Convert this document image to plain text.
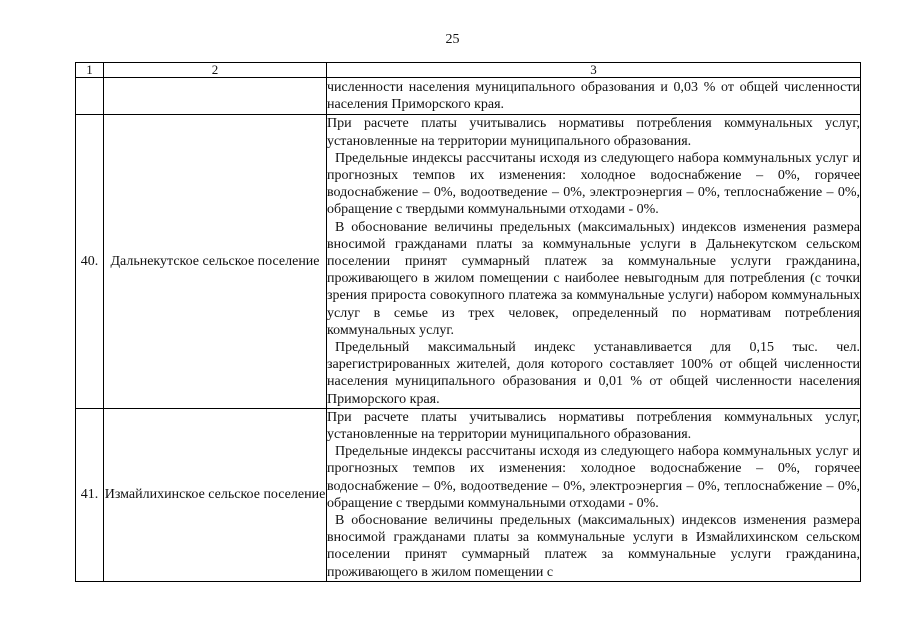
25
1	2	3

		численности населения муниципального образования и 0,03 % от общей численности населения Приморского края.

40.	Дальнекутское сельское поселение	При расчете платы учитывались нормативы потребления коммунальных услуг, установленные на территории муниципального образования.

Предельные индексы рассчитаны исходя из следующего набора коммунальных услуг и прогнозных темпов их изменения: холодное водоснабжение – 0%, горячее водоснабжение – 0%, водоотведение – 0%, электроэнергия – 0%, теплоснабжение – 0%, обращение с твердыми коммунальными отходами - 0%.

В обоснование величины предельных (максимальных) индексов изменения размера вносимой гражданами платы за коммунальные услуги в Дальнекутском сельском поселении принят суммарный платеж за коммунальные услуги гражданина, проживающего в жилом помещении с наиболее невыгодным для потребления (с точки зрения прироста совокупного платежа за коммунальные услуги) набором коммунальных услуг в семье из трех человек, определенный по нормативам потребления коммунальных услуг.

Предельный максимальный индекс устанавливается для 0,15 тыс. чел. зарегистрированных жителей, доля которого составляет 100% от общей численности населения муниципального образования и 0,01 % от общей численности населения Приморского края.

41.	Измайлихинское сельское поселение	При расчете платы учитывались нормативы потребления коммунальных услуг, установленные на территории муниципального образования.

Предельные индексы рассчитаны исходя из следующего набора коммунальных услуг и прогнозных темпов их изменения: холодное водоснабжение – 0%, горячее водоснабжение – 0%, водоотведение – 0%, электроэнергия – 0%, теплоснабжение – 0%, обращение с твердыми коммунальными отходами - 0%.

В обоснование величины предельных (максимальных) индексов изменения размера вносимой гражданами платы за коммунальные услуги в Измайлихинском сельском поселении принят суммарный платеж за коммунальные услуги гражданина, проживающего в жилом помещении с
